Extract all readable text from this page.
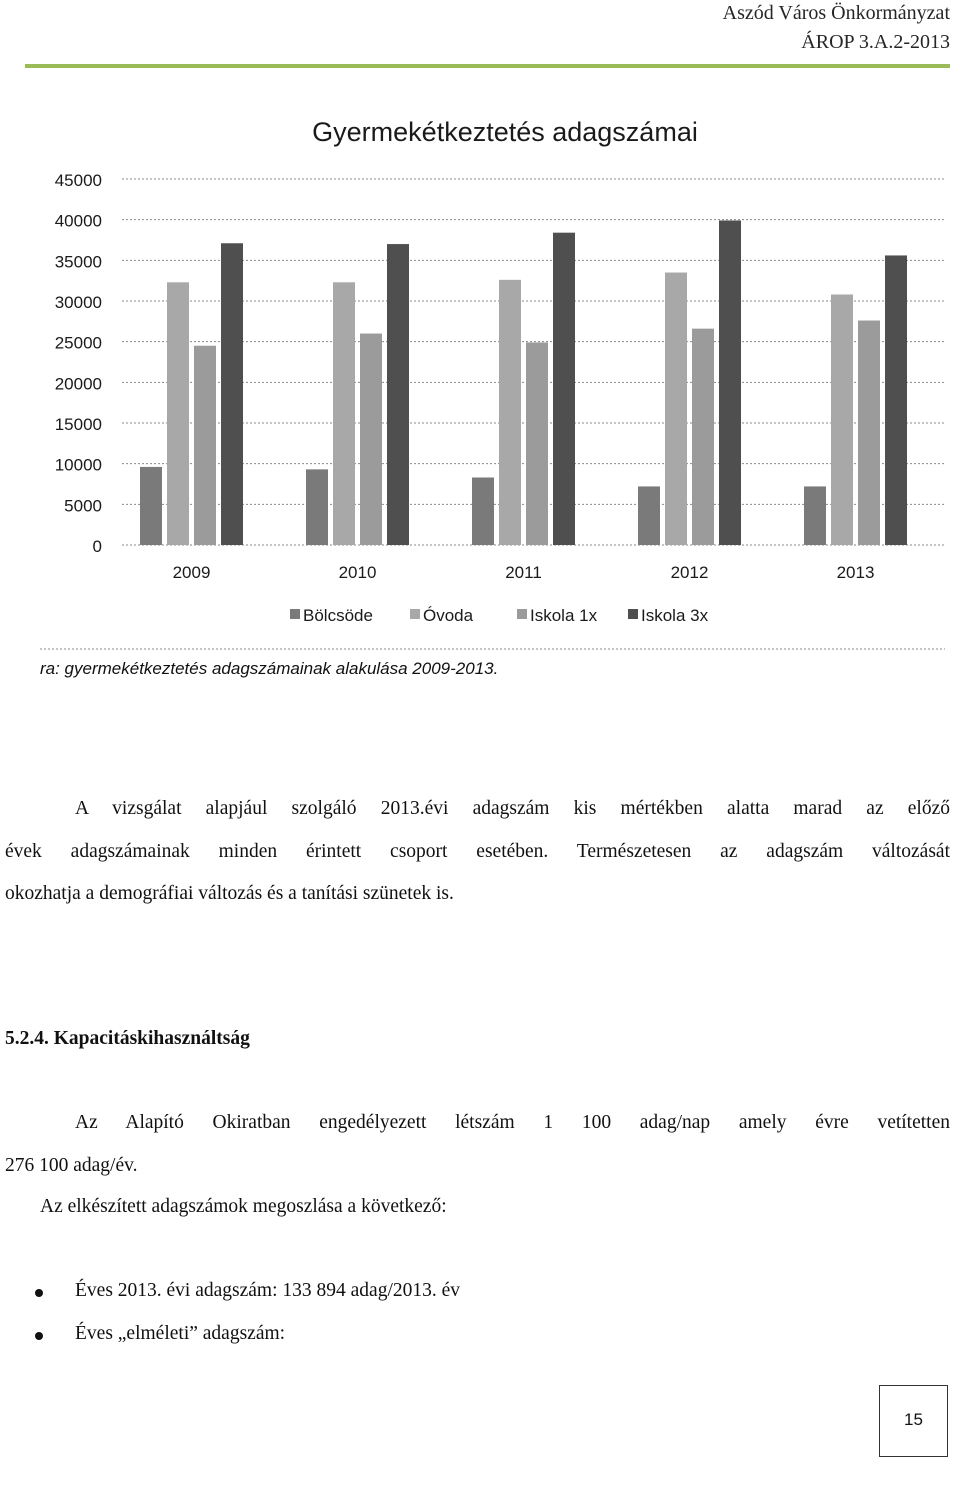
Aszód Város Önkormányzat
ÁROP 3.A.2-2013
Gyermekétkeztetés adagszámai
45000
40000
35000
30000
25000
20000
15000
10000
5000
0
2009	2010	2011	2012	2013
Bölcsöde	Óvoda	Iskola 1x	Iskola 3x
ra: gyermekétkeztetés adagszámainak alakulása 2009-2013.
A vizsgálat alapjául szolgáló 2013.évi adagszám kis mértékben alatta marad az előző
évek adagszámainak minden érintett csoport esetében. Természetesen az adagszám változását
okozhatja a demográfiai változás és a tanítási szünetek is.
5.2.4. Kapacitáskihasználtság
Az Alapító Okiratban engedélyezett létszám 1 100 adag/nap amely évre vetítetten
276 100 adag/év.
Az elkészített adagszámok megoszlása a következő:
Éves 2013. évi adagszám: 133 894 adag/2013. év
Éves „elméleti” adagszám:
15
